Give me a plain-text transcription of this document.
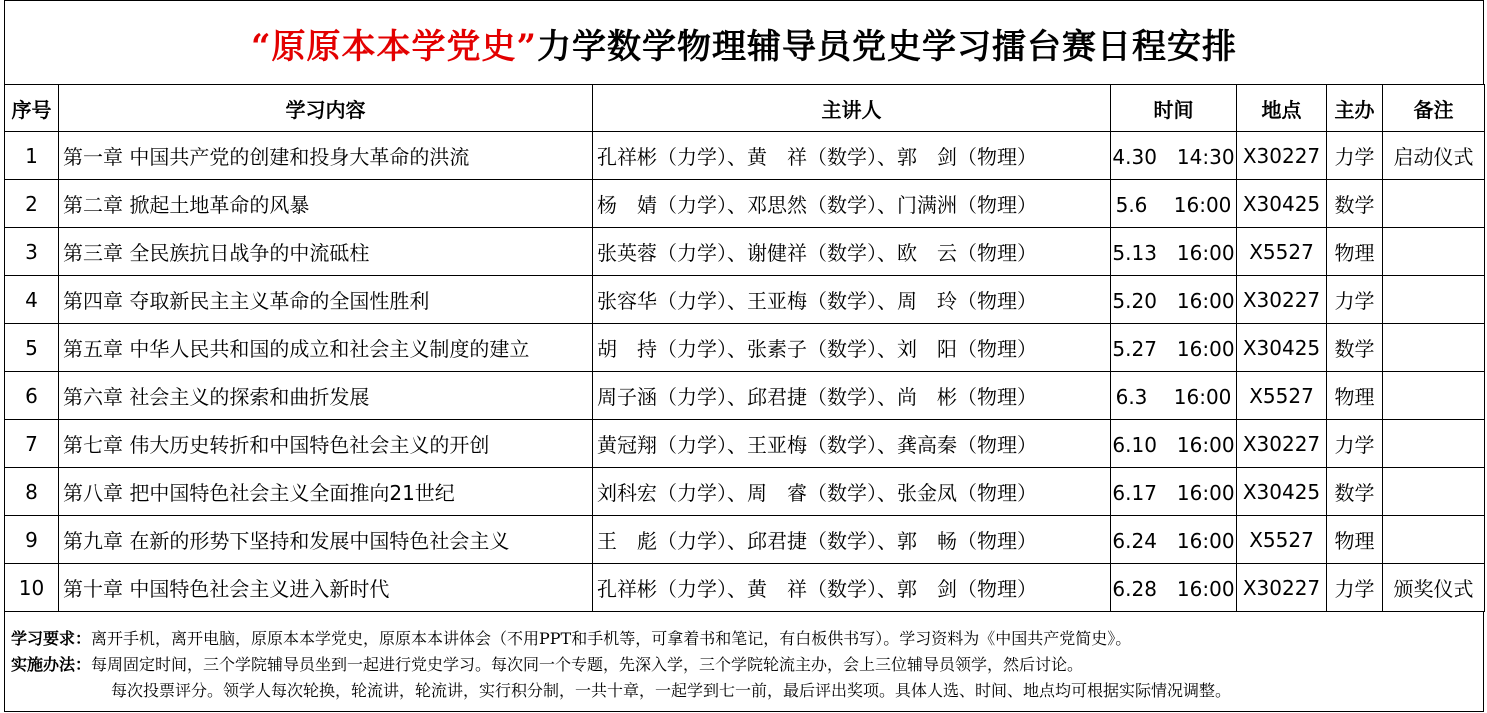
“原原本本学党史” 力学数学物理辅导员党史学习擂台赛日程安排
序号	学习内容	主讲人	时间	地点	主办	备注
1	第一章 中国共产党的创建和投身大革命的洪流	孔祥彬（力学）、黄　祥（数学）、郭　剑（物理）	4.30　14:30	X30227	力学	启动仪式
2	第二章 掀起土地革命的风暴	杨　婧（力学）、邓思然（数学）、门满洲（物理）	5.6　 16:00	X30425	数学	
3	第三章 全民族抗日战争的中流砥柱	张英蓉（力学）、谢健祥（数学）、欧　云（物理）	5.13　16:00	X5527	物理	
4	第四章 夺取新民主主义革命的全国性胜利	张容华（力学）、王亚梅（数学）、周　玲（物理）	5.20　16:00	X30227	力学	
5	第五章 中华人民共和国的成立和社会主义制度的建立	胡　持（力学）、张素子（数学）、刘　阳（物理）	5.27　16:00	X30425	数学	
6	第六章 社会主义的探索和曲折发展	周子涵（力学）、邱君捷（数学）、尚　彬（物理）	6.3　 16:00	X5527	物理	
7	第七章 伟大历史转折和中国特色社会主义的开创	黄冠翔（力学）、王亚梅（数学）、龚高秦（物理）	6.10　16:00	X30227	力学	
8	第八章 把中国特色社会主义全面推向21世纪	刘科宏（力学）、周　睿（数学）、张金凤（物理）	6.17　16:00	X30425	数学	
9	第九章 在新的形势下坚持和发展中国特色社会主义	王　彪（力学）、邱君捷（数学）、郭　畅（物理）	6.24　16:00	X5527	物理	
10	第十章 中国特色社会主义进入新时代	孔祥彬（力学）、黄　祥（数学）、郭　剑（物理）	6.28　16:00	X30227	力学	颁奖仪式
学习要求：离开手机，离开电脑，原原本本学党史，原原本本讲体会（不用PPT和手机等，可拿着书和笔记，有白板供书写）。学习资料为《中国共产党简史》。
实施办法：每周固定时间，三个学院辅导员坐到一起进行党史学习。每次同一个专题，先深入学，三个学院轮流主办，会上三位辅导员领学，然后讨论。
每次投票评分。领学人每次轮换，轮流讲，轮流讲，实行积分制，一共十章，一起学到七一前，最后评出奖项。具体人选、时间、地点均可根据实际情况调整。
